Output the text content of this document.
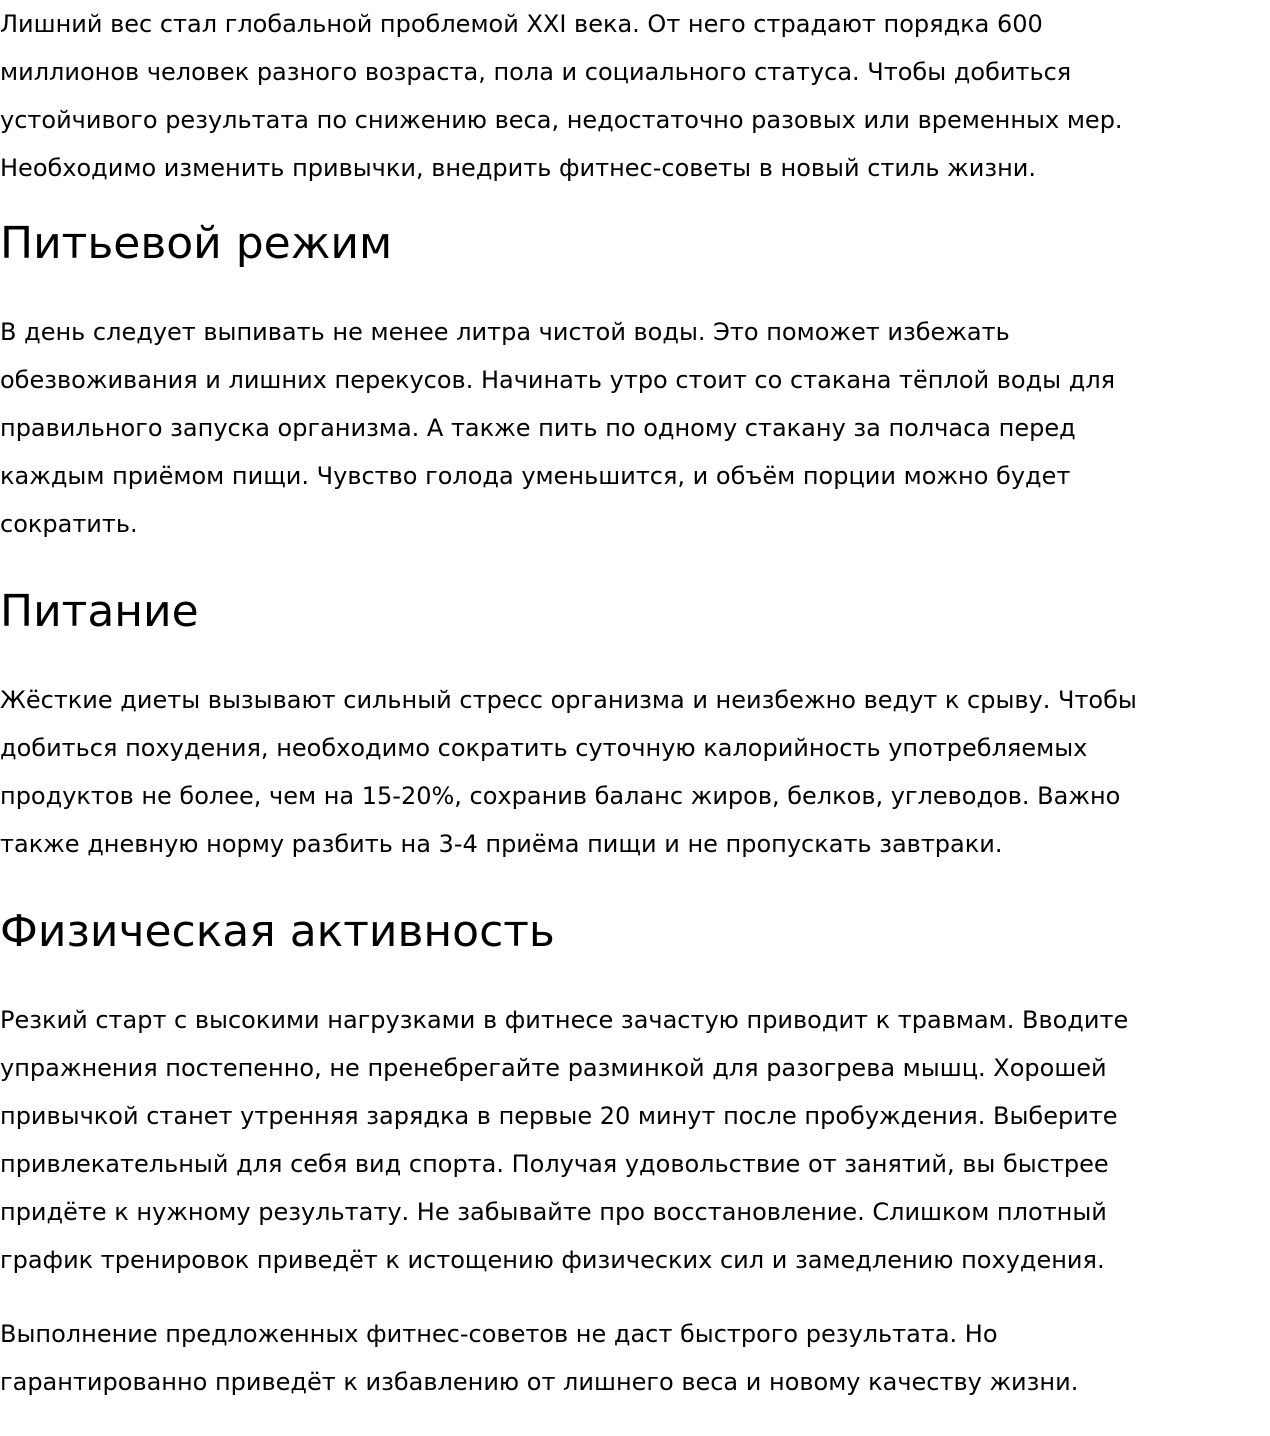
Лишний вес стал глобальной проблемой XXI века. От него страдают порядка 600
миллионов человек разного возраста, пола и социального статуса. Чтобы добиться
устойчивого результата по снижению веса, недостаточно разовых или временных мер.
Необходимо изменить привычки, внедрить фитнес-советы в новый стиль жизни.

Питьевой режим

В день следует выпивать не менее литра чистой воды. Это поможет избежать
обезвоживания и лишних перекусов. Начинать утро стоит со стакана тёплой воды для
правильного запуска организма. А также пить по одному стакану за полчаса перед
каждым приёмом пищи. Чувство голода уменьшится, и объём порции можно будет
сократить.

Питание

Жёсткие диеты вызывают сильный стресс организма и неизбежно ведут к срыву. Чтобы
добиться похудения, необходимо сократить суточную калорийность употребляемых
продуктов не более, чем на 15-20%, сохранив баланс жиров, белков, углеводов. Важно
также дневную норму разбить на 3-4 приёма пищи и не пропускать завтраки.

Физическая активность

Резкий старт с высокими нагрузками в фитнесе зачастую приводит к травмам. Вводите
упражнения постепенно, не пренебрегайте разминкой для разогрева мышц. Хорошей
привычкой станет утренняя зарядка в первые 20 минут после пробуждения. Выберите
привлекательный для себя вид спорта. Получая удовольствие от занятий, вы быстрее
придёте к нужному результату. Не забывайте про восстановление. Слишком плотный
график тренировок приведёт к истощению физических сил и замедлению похудения.

Выполнение предложенных фитнес-советов не даст быстрого результата. Но
гарантированно приведёт к избавлению от лишнего веса и новому качеству жизни.
